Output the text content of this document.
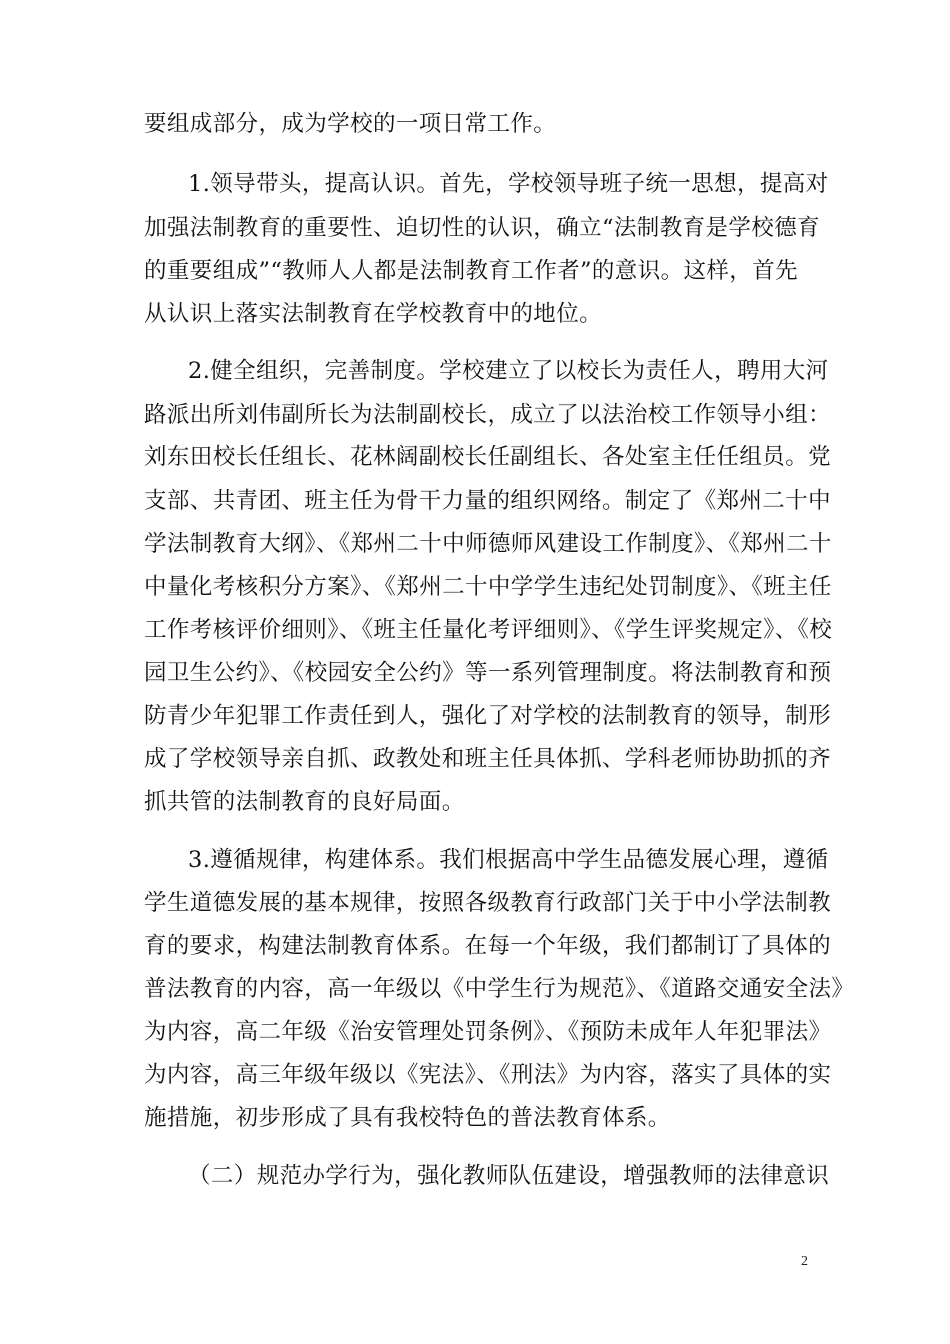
要组成部分，成为学校的一项日常工作。
1.领导带头，提高认识。首先，学校领导班子统一思想，提高对
加强法制教育的重要性、迫切性的认识，确立“法制教育是学校德育
的重要组成”“教师人人都是法制教育工作者”的意识。这样，首先
从认识上落实法制教育在学校教育中的地位。
2.健全组织，完善制度。学校建立了以校长为责任人，聘用大河
路派出所刘伟副所长为法制副校长，成立了以法治校工作领导小组：
刘东田校长任组长、花林阔副校长任副组长、各处室主任任组员。党
支部、共青团、班主任为骨干力量的组织网络。制定了《郑州二十中
学法制教育大纲》、《郑州二十中师德师风建设工作制度》、《郑州二十
中量化考核积分方案》、《郑州二十中学学生违纪处罚制度》、《班主任
工作考核评价细则》、《班主任量化考评细则》、《学生评奖规定》、《校
园卫生公约》、《校园安全公约》等一系列管理制度。将法制教育和预
防青少年犯罪工作责任到人，强化了对学校的法制教育的领导，制形
成了学校领导亲自抓、政教处和班主任具体抓、学科老师协助抓的齐
抓共管的法制教育的良好局面。
3.遵循规律，构建体系。我们根据高中学生品德发展心理，遵循
学生道德发展的基本规律，按照各级教育行政部门关于中小学法制教
育的要求，构建法制教育体系。在每一个年级，我们都制订了具体的
普法教育的内容，高一年级以《中学生行为规范》、《道路交通安全法》
为内容，高二年级《治安管理处罚条例》、《预防未成年人年犯罪法》
为内容，高三年级年级以《宪法》、《刑法》为内容，落实了具体的实
施措施，初步形成了具有我校特色的普法教育体系。
（二）规范办学行为，强化教师队伍建设，增强教师的法律意识
2
